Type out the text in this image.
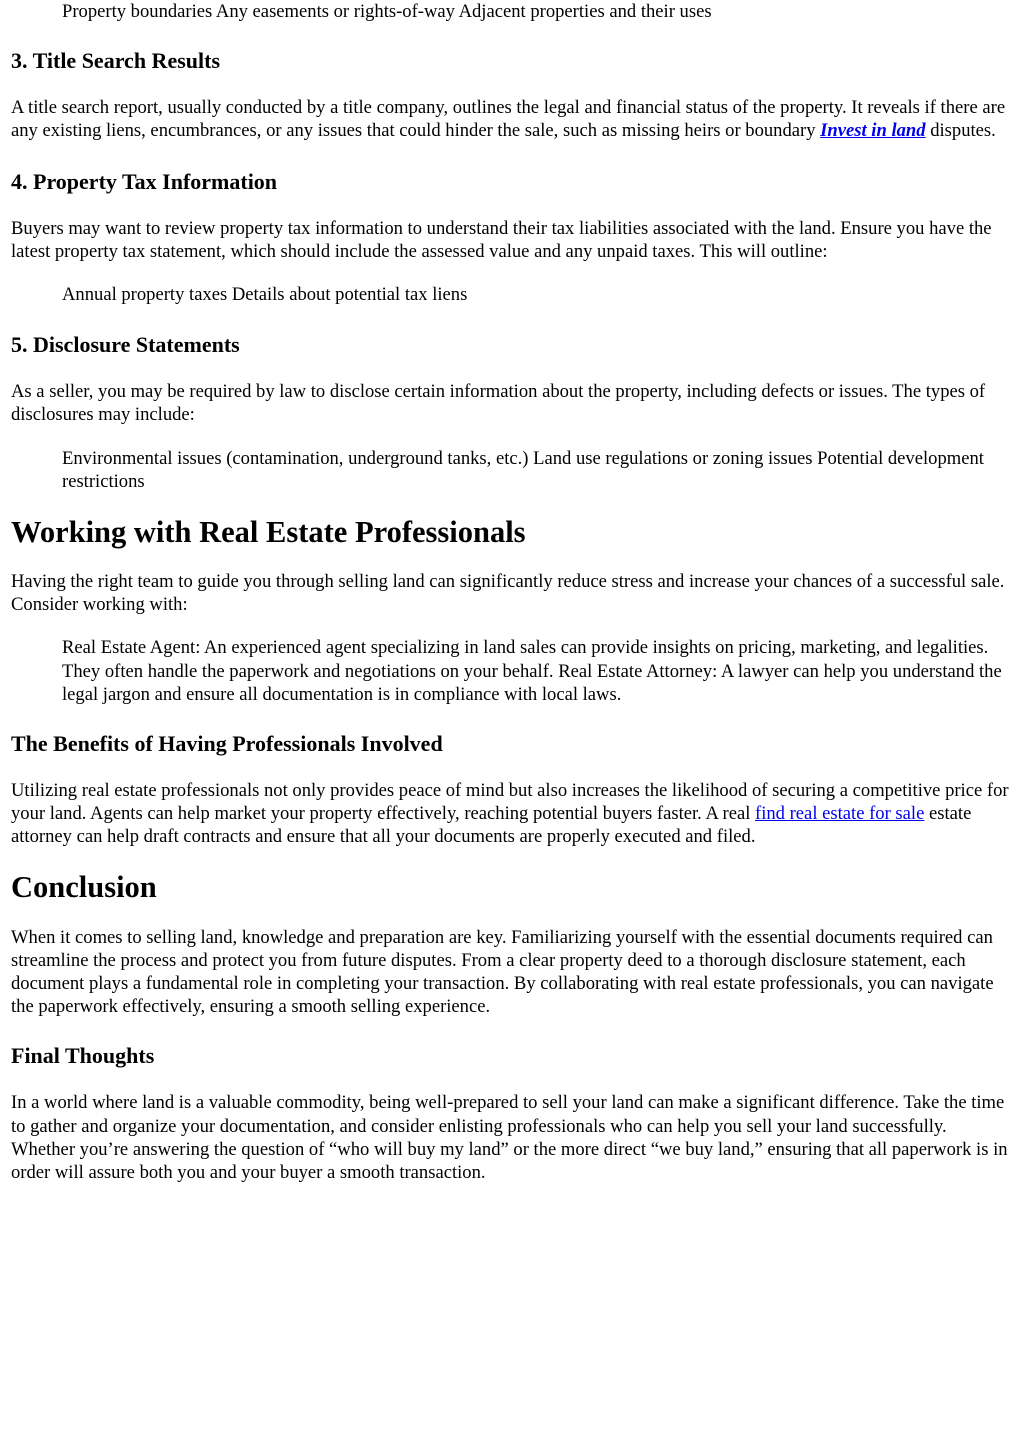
Property boundaries Any easements or rights-of-way Adjacent properties and their uses
3. Title Search Results

A title search report, usually conducted by a title company, outlines the legal and financial status of the property. It reveals if there are any existing liens, encumbrances, or any issues that could hinder the sale, such as missing heirs or boundary Invest in land disputes.

4. Property Tax Information

Buyers may want to review property tax information to understand their tax liabilities associated with the land. Ensure you have the latest property tax statement, which should include the assessed value and any unpaid taxes. This will outline:

Annual property taxes Details about potential tax liens
5. Disclosure Statements

As a seller, you may be required by law to disclose certain information about the property, including defects or issues. The types of disclosures may include:

Environmental issues (contamination, underground tanks, etc.) Land use regulations or zoning issues Potential development restrictions
Working with Real Estate Professionals

Having the right team to guide you through selling land can significantly reduce stress and increase your chances of a successful sale. Consider working with:

Real Estate Agent: An experienced agent specializing in land sales can provide insights on pricing, marketing, and legalities. They often handle the paperwork and negotiations on your behalf. Real Estate Attorney: A lawyer can help you understand the legal jargon and ensure all documentation is in compliance with local laws.
The Benefits of Having Professionals Involved

Utilizing real estate professionals not only provides peace of mind but also increases the likelihood of securing a competitive price for your land. Agents can help market your property effectively, reaching potential buyers faster. A real find real estate for sale estate attorney can help draft contracts and ensure that all your documents are properly executed and filed.

Conclusion

When it comes to selling land, knowledge and preparation are key. Familiarizing yourself with the essential documents required can streamline the process and protect you from future disputes. From a clear property deed to a thorough disclosure statement, each document plays a fundamental role in completing your transaction. By collaborating with real estate professionals, you can navigate the paperwork effectively, ensuring a smooth selling experience.

Final Thoughts

In a world where land is a valuable commodity, being well-prepared to sell your land can make a significant difference. Take the time to gather and organize your documentation, and consider enlisting professionals who can help you sell your land successfully. Whether you’re answering the question of “who will buy my land” or the more direct “we buy land,” ensuring that all paperwork is in order will assure both you and your buyer a smooth transaction.
